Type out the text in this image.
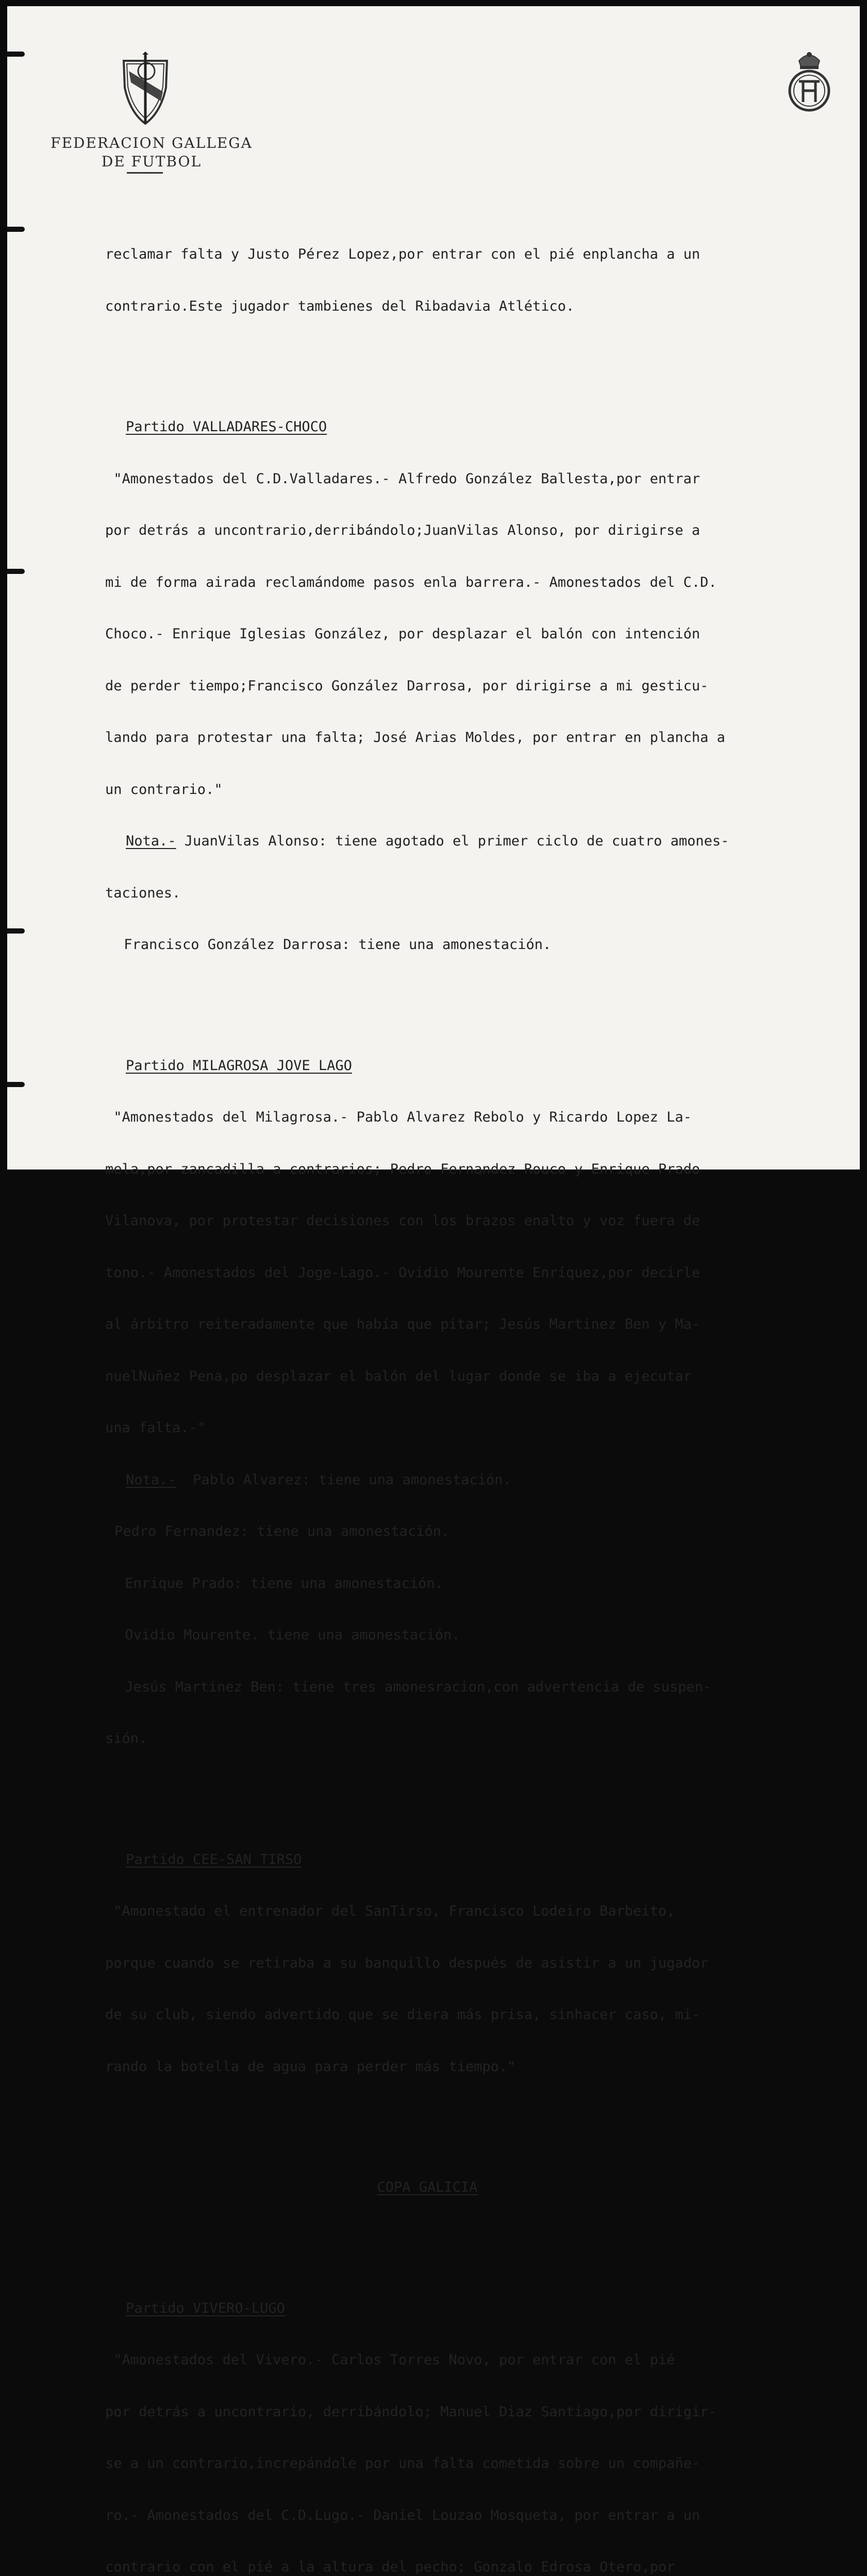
FEDERACION GALLEGA
DE FUTBOL

reclamar falta y Justo Pérez Lopez,por entrar con el pié enplancha a un

contrario.Este jugador tambienes del Ribadavia Atlético.

Partido VALLADARES-CHOCO

"Amonestados del C.D.Valladares.- Alfredo González Ballesta,por entrar

por detrás a uncontrario,derribándolo;JuanVilas Alonso, por dirigirse a

mi de forma airada reclamándome pasos enla barrera.- Amonestados del C.D.

Choco.- Enrique Iglesias González, por desplazar el balón con intención

de perder tiempo;Francisco González Darrosa, por dirigirse a mi gesticu-

lando para protestar una falta; José Arias Moldes, por entrar en plancha a

un contrario."

Nota.- JuanVilas Alonso: tiene agotado el primer ciclo de cuatro amones-

taciones.

Francisco González Darrosa: tiene una amonestación.

Partido MILAGROSA JOVE LAGO

"Amonestados del Milagrosa.- Pablo Alvarez Rebolo y Ricardo Lopez La-

mela,por zancadilla a contrarios; Pedro Fernandez Rouco y Enrique Prado

Vilanova, por protestar decisiones con los brazos enalto y voz fuera de

tono.- Amonestados del Joge-Lago.- Ovidio Mourente Enríquez,por decirle

al árbitro reiteradamente que había que pitar; Jesús Martinez Ben y Ma-

nuelNuñez Pena,po desplazar el balón del lugar donde se iba a ejecutar

una falta.-"

Nota.-  Pablo Alvarez: tiene una amonestación.

Pedro Fernandez: tiene una amonestación.

Enrique Prado: tiene una amonestación.

Ovidio Mourente. tiene una amonestación.

Jesús Martinez Ben: tiene tres amonesracion,con advertencia de suspen-

sión.

Partido CEE-SAN TIRSO

"Amonestado el entrenador del SanTirso, Francisco Lodeiro Barbeito,

porque cuando se retiraba a su banquillo después de asistir a un jugador

de su club, siendo advertido que se diera más prisa, sinhacer caso, mi-

rando la botella de agua para perder más tiempo."

COPA GALICIA

Partido VIVERO-LUGO

"Amonestados del Vivero.- Carlos Torres Novo, por entrar con el pié

por detrás a uncontrario, derribándolo; Manuel Diaz Santiago,por dirigir-

se a un contrario,increpándole por una falta cometida sobre un compañe-

ro.- Amonestados del C.D.Lugo.- Daniel Louzao Mosqueta, por entrar a un

contrario con el pié a la altura del pecho; Gonzalo Edrosa Otero,por
